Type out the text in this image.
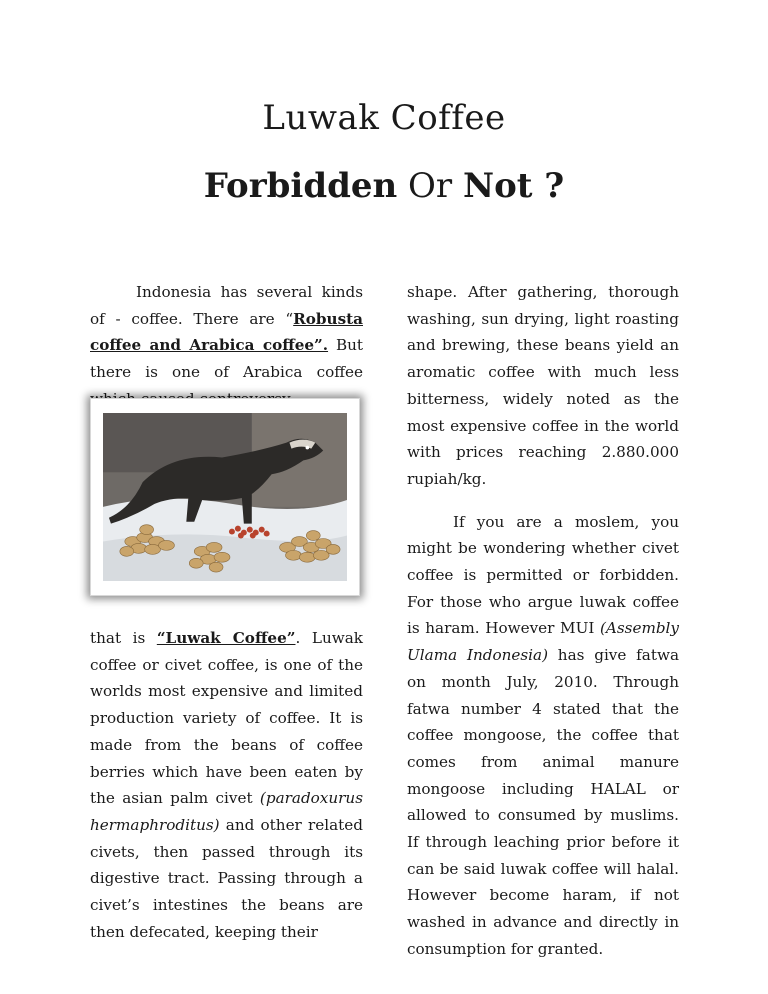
Luwak Coffee
Forbidden Or Not ?

Indonesia has several kinds of - coffee. There are “Robusta coffee and Arabica coffee”. But there is one of Arabica coffee

that is “Luwak Coffee”. Luwak coffee or civet coffee, is one of the worlds most expensive and limited production variety of coffee. It is made from the beans of coffee berries which have been eaten by the asian palm civet (paradoxurus hermaphroditus) and other related civets, then passed through its digestive tract. Passing through a civet’s intestines the beans are then defecated, keeping their

shape. After gathering, thorough washing, sun drying, light roasting and brewing, these beans yield an aromatic coffee with much less bitterness, widely noted as the most expensive coffee in the world with prices reaching 2.880.000 rupiah/kg.

If you are a moslem, you might be wondering whether civet coffee is permitted or forbidden. For those who argue luwak coffee is haram. However MUI (Assembly Ulama Indonesia) has give fatwa on month July, 2010. Through fatwa number 4 stated that the coffee mongoose, the coffee that comes from animal manure mongoose including HALAL or allowed to consumed by muslims. If through leaching prior before it can be said luwak coffee will halal. However become haram, if not washed in advance and directly in consumption for granted.
